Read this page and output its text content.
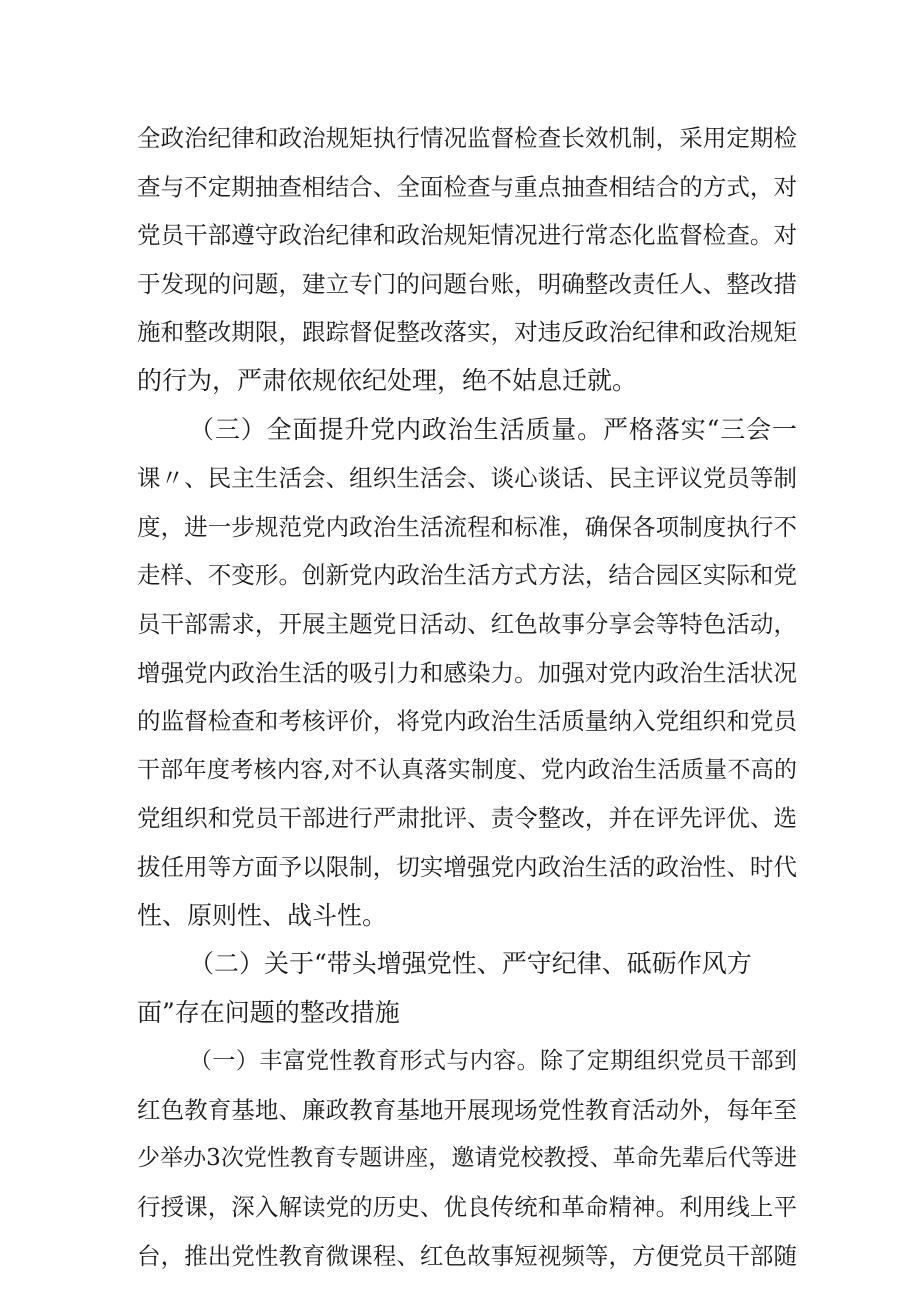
全政治纪律和政治规矩执行情况监督检查长效机制，采用定期检
查与不定期抽查相结合、全面检查与重点抽查相结合的方式，对
党员干部遵守政治纪律和政治规矩情况进行常态化监督检查。对
于发现的问题，建立专门的问题台账，明确整改责任人、整改措
施和整改期限，跟踪督促整改落实，对违反政治纪律和政治规矩
的行为，严肃依规依纪处理，绝不姑息迁就。
（三）全面提升党内政治生活质量。严格落实“三会一
课〃、民主生活会、组织生活会、谈心谈话、民主评议党员等制
度，进一步规范党内政治生活流程和标准，确保各项制度执行不
走样、不变形。创新党内政治生活方式方法，结合园区实际和党
员干部需求，开展主题党日活动、红色故事分享会等特色活动，
增强党内政治生活的吸引力和感染力。加强对党内政治生活状况
的监督检查和考核评价，将党内政治生活质量纳入党组织和党员
干部年度考核内容,对不认真落实制度、党内政治生活质量不高的
党组织和党员干部进行严肃批评、责令整改，并在评先评优、选
拔任用等方面予以限制，切实增强党内政治生活的政治性、时代
性、原则性、战斗性。
（二）关于“带头增强党性、严守纪律、砥砺作风方
面”存在问题的整改措施
（一）丰富党性教育形式与内容。除了定期组织党员干部到
红色教育基地、廉政教育基地开展现场党性教育活动外，每年至
少举办3次党性教育专题讲座，邀请党校教授、革命先辈后代等进
行授课，深入解读党的历史、优良传统和革命精神。利用线上平
台，推出党性教育微课程、红色故事短视频等，方便党员干部随
